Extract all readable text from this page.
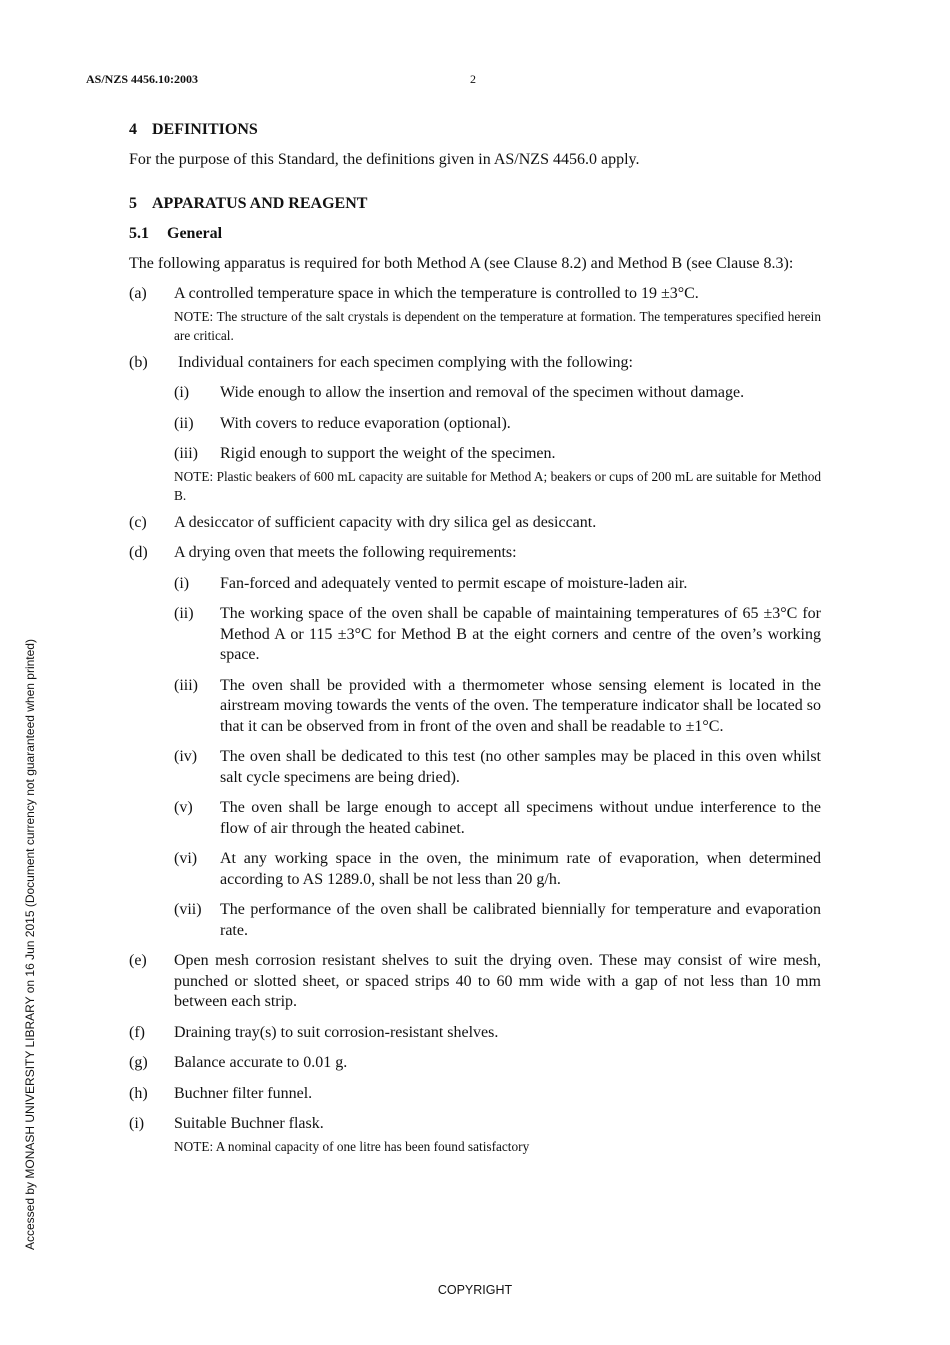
AS/NZS 4456.10:2003	2
Accessed by MONASH UNIVERSITY LIBRARY on 16 Jun 2015 (Document currency not guaranteed when printed)
4 DEFINITIONS

For the purpose of this Standard, the definitions given in AS/NZS 4456.0 apply.

5 APPARATUS AND REAGENT
5.1 General

The following apparatus is required for both Method A (see Clause 8.2) and Method B (see Clause 8.3):

(a)	A controlled temperature space in which the temperature is controlled to 19 ±3°C.

NOTE: The structure of the salt crystals is dependent on the temperature at formation. The temperatures specified herein are critical.

(b)	Individual containers for each specimen complying with the following:
(i)	Wide enough to allow the insertion and removal of the specimen without damage.
(ii)	With covers to reduce evaporation (optional).
(iii)	Rigid enough to support the weight of the specimen.

NOTE: Plastic beakers of 600 mL capacity are suitable for Method A; beakers or cups of 200 mL are suitable for Method B.

(c)	A desiccator of sufficient capacity with dry silica gel as desiccant.
(d)	A drying oven that meets the following requirements:
(i)	Fan-forced and adequately vented to permit escape of moisture-laden air.
(ii)	The working space of the oven shall be capable of maintaining temperatures of 65 ±3°C for Method A or 115 ±3°C for Method B at the eight corners and centre of the oven’s working space.
(iii)	The oven shall be provided with a thermometer whose sensing element is located in the airstream moving towards the vents of the oven. The temperature indicator shall be located so that it can be observed from in front of the oven and shall be readable to ±1°C.
(iv)	The oven shall be dedicated to this test (no other samples may be placed in this oven whilst salt cycle specimens are being dried).
(v)	The oven shall be large enough to accept all specimens without undue interference to the flow of air through the heated cabinet.
(vi)	At any working space in the oven, the minimum rate of evaporation, when determined according to AS 1289.0, shall be not less than 20 g/h.
(vii)	The performance of the oven shall be calibrated biennially for temperature and evaporation rate.
(e)	Open mesh corrosion resistant shelves to suit the drying oven. These may consist of wire mesh, punched or slotted sheet, or spaced strips 40 to 60 mm wide with a gap of not less than 10 mm between each strip.
(f)	Draining tray(s) to suit corrosion-resistant shelves.
(g)	Balance accurate to 0.01 g.
(h)	Buchner filter funnel.
(i)	Suitable Buchner flask.

NOTE: A nominal capacity of one litre has been found satisfactory

COPYRIGHT
